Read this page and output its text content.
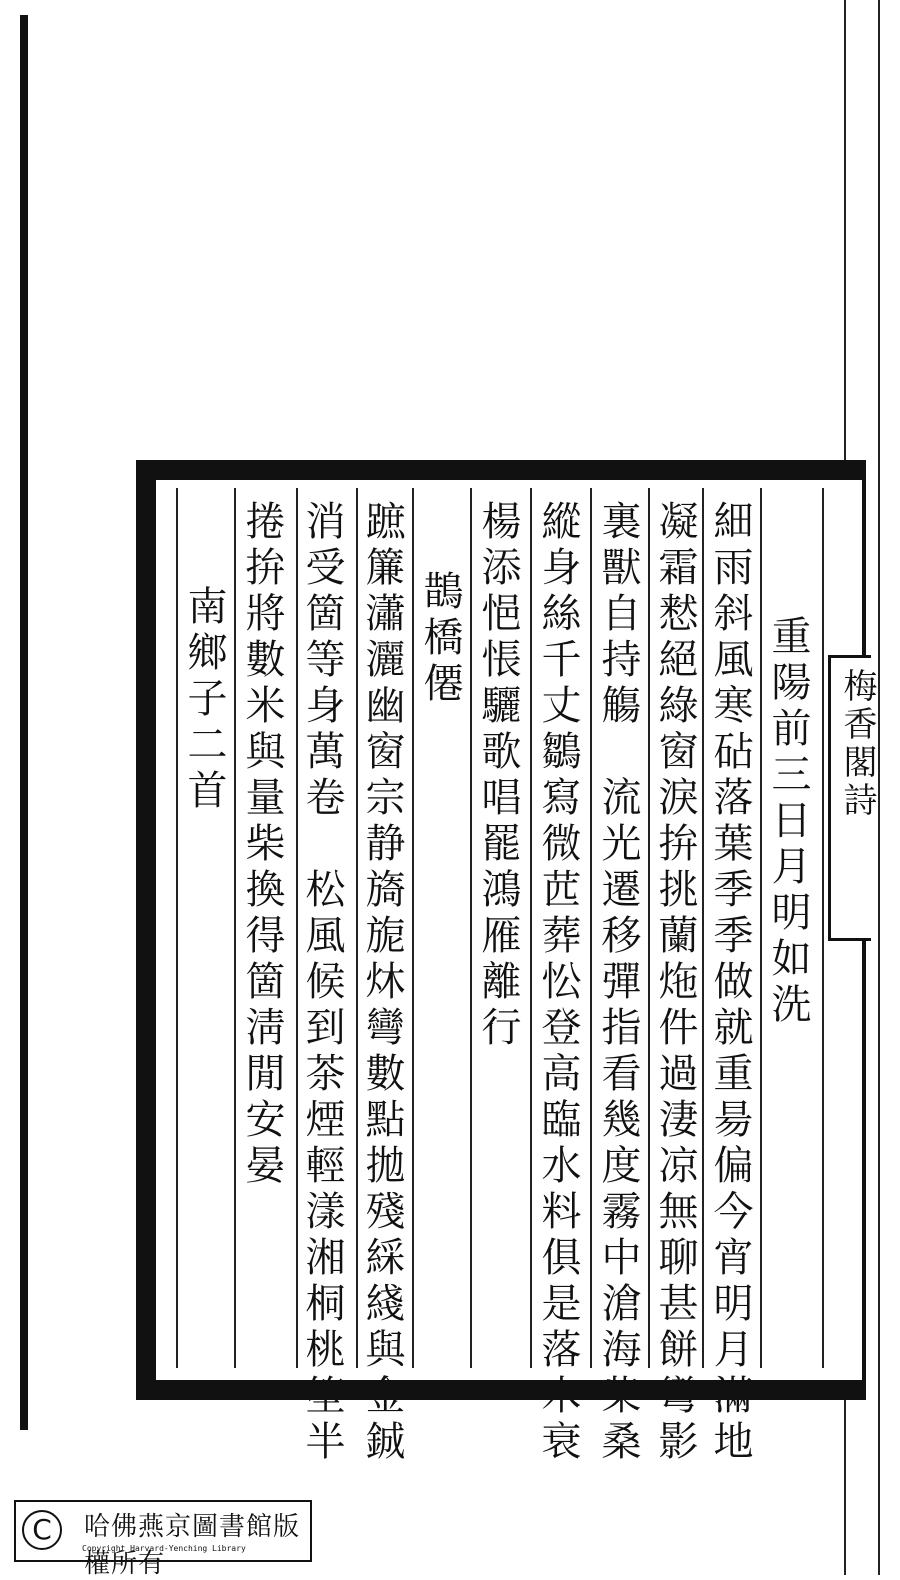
梅香閣詩
細雨斜風寒砧落葉季季做就重昜偏今宵明月滿地
凝霜慭絕綠窗淚拚挑蘭炧件過淒凉無聊甚餅彎影
裏獸自持觴　流光遷移彈指看幾度霧中滄海柴桑
縱身絲千丈鶵寫微苉葬忪登高臨水料俱是落木衰
楊添悒悵驪歌唱罷鴻雁離行
鵲橋僊
蹠簾瀟灑幽窗宗静旖旎炑彎數點拋殘綵綫與金鋮
消受箇等身萬卷　松風候到茶煙輕漾湘桐桃笙半
捲拚將數米與量柴換得箇淸閒安晏
南鄉子二首	重陽前三日月明如洗
C	哈佛燕京圖書館版權所有
Copyright Harvard-Yenching Library
